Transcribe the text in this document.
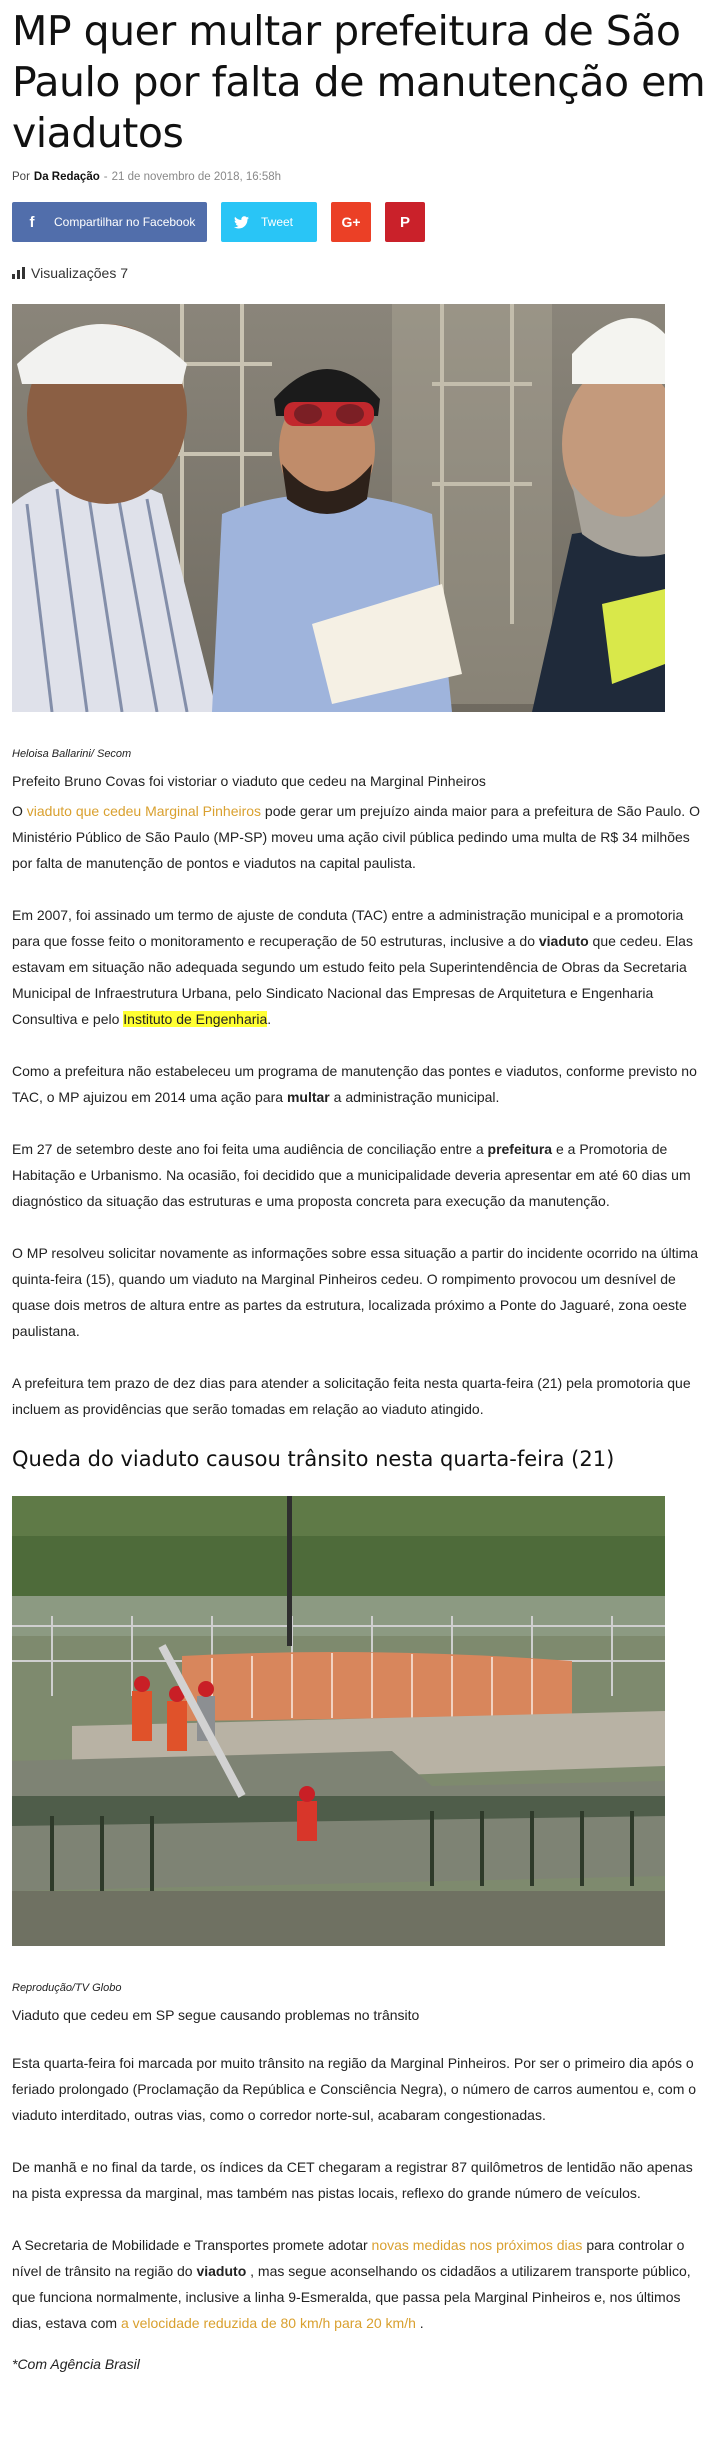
MP quer multar prefeitura de São Paulo por falta de manutenção em viadutos
Por Da Redação - 21 de novembro de 2018, 16:58h
f	Compartilhar no Facebook	Tweet	G+	P
Visualizações 7
Heloisa Ballarini/ Secom
Prefeito Bruno Covas foi vistoriar o viaduto que cedeu na Marginal Pinheiros

O viaduto que cedeu Marginal Pinheiros pode gerar um prejuízo ainda maior para a prefeitura de São Paulo. O Ministério Público de São Paulo (MP-SP) moveu uma ação civil pública pedindo uma multa de R$ 34 milhões por falta de manutenção de pontos e viadutos na capital paulista.

Em 2007, foi assinado um termo de ajuste de conduta (TAC) entre a administração municipal e a promotoria para que fosse feito o monitoramento e recuperação de 50 estruturas, inclusive a do viaduto que cedeu. Elas estavam em situação não adequada segundo um estudo feito pela Superintendência de Obras da Secretaria Municipal de Infraestrutura Urbana, pelo Sindicato Nacional das Empresas de Arquitetura e Engenharia Consultiva e pelo Instituto de Engenharia.

Como a prefeitura não estabeleceu um programa de manutenção das pontes e viadutos, conforme previsto no TAC, o MP ajuizou em 2014 uma ação para multar a administração municipal.

Em 27 de setembro deste ano foi feita uma audiência de conciliação entre a prefeitura e a Promotoria de Habitação e Urbanismo. Na ocasião, foi decidido que a municipalidade deveria apresentar em até 60 dias um diagnóstico da situação das estruturas e uma proposta concreta para execução da manutenção.

O MP resolveu solicitar novamente as informações sobre essa situação a partir do incidente ocorrido na última quinta-feira (15), quando um viaduto na Marginal Pinheiros cedeu. O rompimento provocou um desnível de quase dois metros de altura entre as partes da estrutura, localizada próximo a Ponte do Jaguaré, zona oeste paulistana.

A prefeitura tem prazo de dez dias para atender a solicitação feita nesta quarta-feira (21) pela promotoria que incluem as providências que serão tomadas em relação ao viaduto atingido.

Queda do viaduto causou trânsito nesta quarta-feira (21)
Reprodução/TV Globo
Viaduto que cedeu em SP segue causando problemas no trânsito

Esta quarta-feira foi marcada por muito trânsito na região da Marginal Pinheiros. Por ser o primeiro dia após o feriado prolongado (Proclamação da República e Consciência Negra), o número de carros aumentou e, com o viaduto interditado, outras vias, como o corredor norte-sul, acabaram congestionadas.

De manhã e no final da tarde, os índices da CET chegaram a registrar 87 quilômetros de lentidão não apenas na pista expressa da marginal, mas também nas pistas locais, reflexo do grande número de veículos.

A Secretaria de Mobilidade e Transportes promete adotar novas medidas nos próximos dias para controlar o nível de trânsito na região do viaduto , mas segue aconselhando os cidadãos a utilizarem transporte público, que funciona normalmente, inclusive a linha 9-Esmeralda, que passa pela Marginal Pinheiros e, nos últimos dias, estava com a velocidade reduzida de 80 km/h para 20 km/h .

*Com Agência Brasil
